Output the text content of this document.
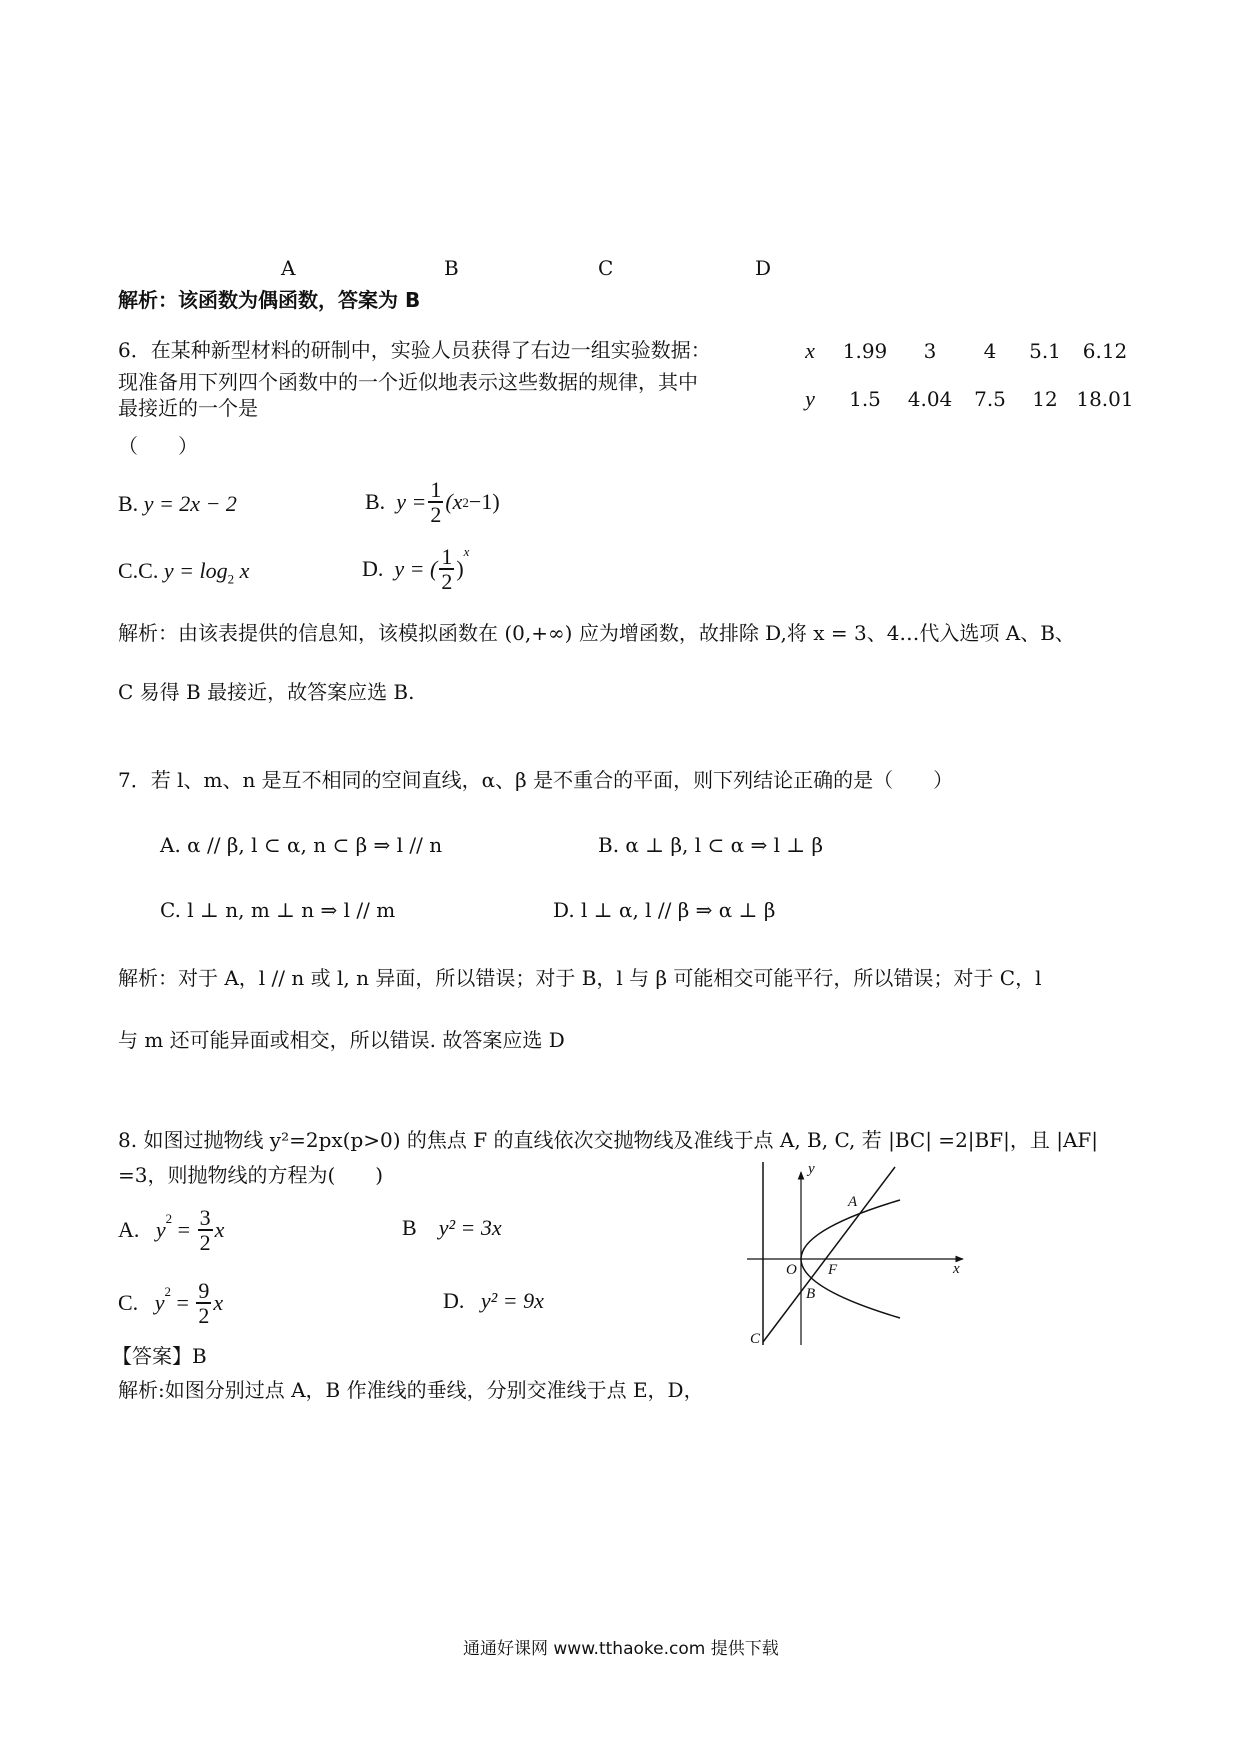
A	B	C	D
解析：该函数为偶函数，答案为 B
6．在某种新型材料的研制中，实验人员获得了右边一组实验数据：
现准备用下列四个函数中的一个近似地表示这些数据的规律，其中
最接近的一个是
（　　）
x	1.99	3	4	5.1	6.12
y	1.5	4.04	7.5	12	18.01
B. y = 2x − 2	B.
$y = \frac{1}{2} (x$ 2 −1)
C.C. $y = \log_2 x$	D.
y = ( $\frac{1}{2}$ )
x
解析：由该表提供的信息知，该模拟函数在 (0,+∞) 应为增函数，故排除 D,将 x = 3、4…代入选项 A、B、
C 易得 B 最接近，故答案应选 B.
7．若 l、m、n 是互不相同的空间直线，α、β 是不重合的平面，则下列结论正确的是（　　）
A. α // β, l ⊂ α, n ⊂ β ⇒ l // n	B. α ⊥ β, l ⊂ α ⇒ l ⊥ β
C. l ⊥ n, m ⊥ n ⇒ l // m	D. l ⊥ α, l // β ⇒ α ⊥ β
解析：对于 A，l // n 或 l, n 异面，所以错误；对于 B，l 与 β 可能相交可能平行，所以错误；对于 C，l
与 m 还可能异面或相交，所以错误. 故答案应选 D
8. 如图过抛物线 y²=2px(p>0) 的焦点 F 的直线依次交抛物线及准线于点 A, B, C, 若 |BC| =2|BF|，且 |AF|
=3，则抛物线的方程为(　　)
A.
$y^2 = \frac{3}{2}$ x	B y² = 3x
C.
$y^2 = \frac{9}{2}$ x	D. y² = 9x
【答案】B
解析:如图分别过点 A，B 作准线的垂线，分别交准线于点 E，D，
A
O F
B
C
x
y
通通好课网 www.tthaoke.com 提供下载
